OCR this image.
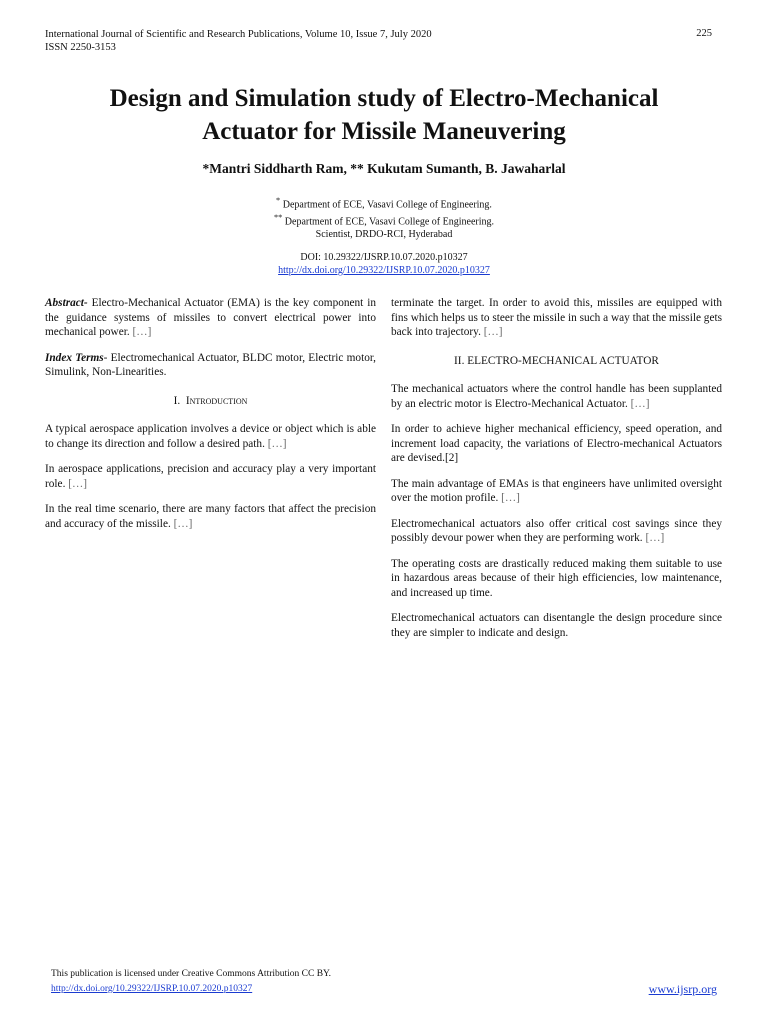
International Journal of Scientific and Research Publications, Volume 10, Issue 7, July 2020
ISSN 2250-3153
225
Design and Simulation study of Electro-Mechanical
Actuator for Missile Maneuvering
*Mantri Siddharth Ram, ** Kukutam Sumanth, B. Jawaharlal
* Department of ECE, Vasavi College of Engineering.
** Department of ECE, Vasavi College of Engineering.
Scientist, DRDO-RCI, Hyderabad
DOI: 10.29322/IJSRP.10.07.2020.p10327
http://dx.doi.org/10.29322/IJSRP.10.07.2020.p10327

Abstract- Electro-Mechanical Actuator (EMA) is the key component in the guidance systems of missiles to convert electrical power into mechanical power. […]

Index Terms- Electromechanical Actuator, BLDC motor, Electric motor, Simulink, Non-Linearities.

I. Introduction

A typical aerospace application involves a device or object which is able to change its direction and follow a desired path. […]

In aerospace applications, precision and accuracy play a very important role. […]

In the real time scenario, there are many factors that affect the precision and accuracy of the missile. […]

terminate the target. In order to avoid this, missiles are equipped with fins which helps us to steer the missile in such a way that the missile gets back into trajectory. […]

II. ELECTRO-MECHANICAL ACTUATOR

The mechanical actuators where the control handle has been supplanted by an electric motor is Electro-Mechanical Actuator. […]

In order to achieve higher mechanical efficiency, speed operation, and increment load capacity, the variations of Electro-mechanical Actuators are devised.[2]

The main advantage of EMAs is that engineers have unlimited oversight over the motion profile. […]

Electromechanical actuators also offer critical cost savings since they possibly devour power when they are performing work. […]

The operating costs are drastically reduced making them suitable to use in hazardous areas because of their high efficiencies, low maintenance, and increased up time.

Electromechanical actuators can disentangle the design procedure since they are simpler to indicate and design.

This publication is licensed under Creative Commons Attribution CC BY.
http://dx.doi.org/10.29322/IJSRP.10.07.2020.p10327	www.ijsrp.org
